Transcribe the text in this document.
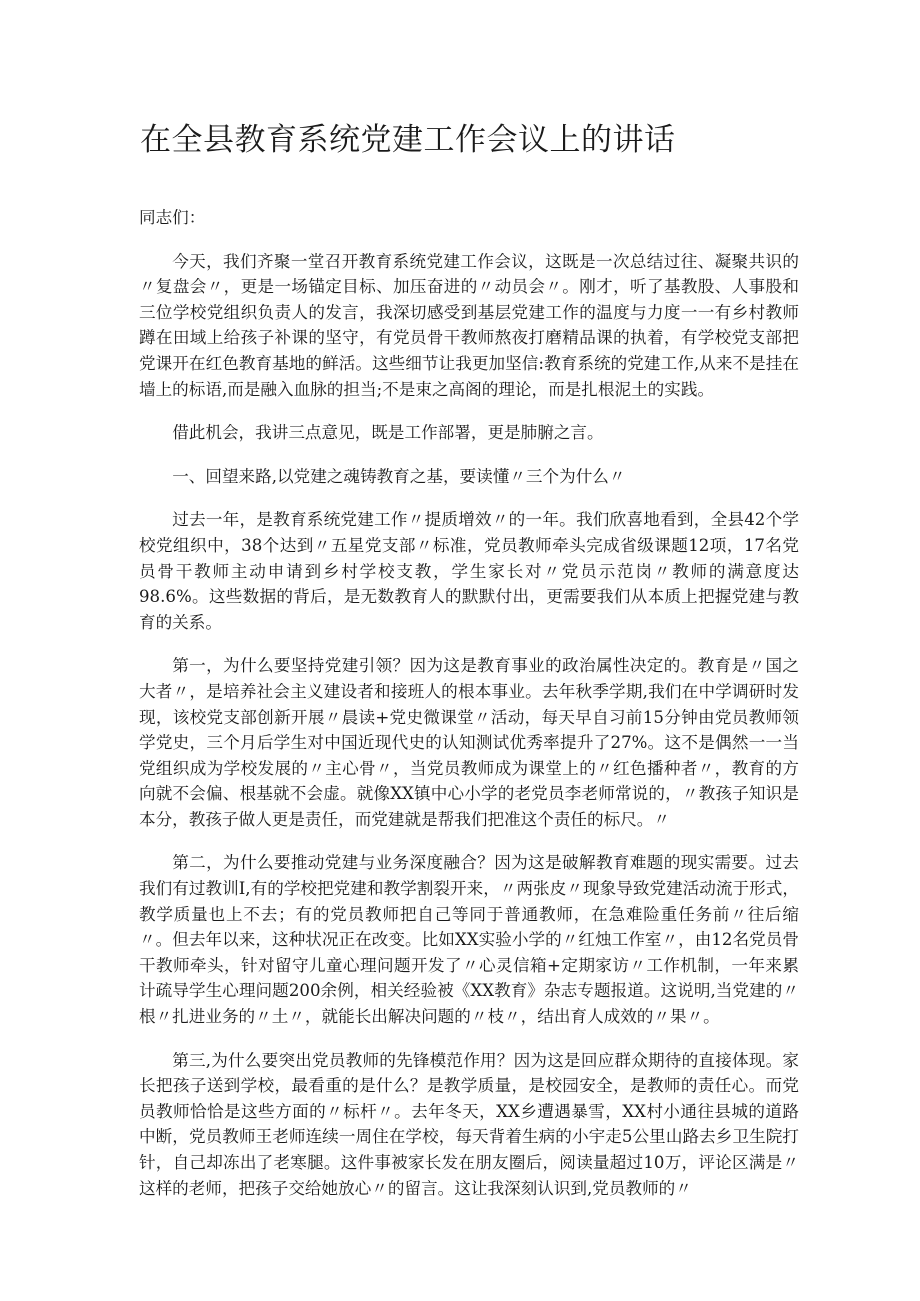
在全县教育系统党建工作会议上的讲话

同志们：

今天，我们齐聚一堂召开教育系统党建工作会议，这既是一次总结过往、凝聚共识的〃复盘会〃，更是一场锚定目标、加压奋进的〃动员会〃。刚才，听了基教股、人事股和三位学校党组织负责人的发言，我深切感受到基层党建工作的温度与力度一一有乡村教师蹲在田域上给孩子补课的坚守，有党员骨干教师熬夜打磨精品课的执着，有学校党支部把党课开在红色教育基地的鲜活。这些细节让我更加坚信:教育系统的党建工作,从来不是挂在墙上的标语,而是融入血脉的担当;不是束之高阁的理论，而是扎根泥土的实践。

借此机会，我讲三点意见，既是工作部署，更是肺腑之言。

一、回望来路,以党建之魂铸教育之基，要读懂〃三个为什么〃

过去一年，是教育系统党建工作〃提质增效〃的一年。我们欣喜地看到，全县42个学校党组织中，38个达到〃五星党支部〃标准，党员教师牵头完成省级课题12项，17名党员骨干教师主动申请到乡村学校支教，学生家长对〃党员示范岗〃教师的满意度达98.6%。这些数据的背后，是无数教育人的默默付出，更需要我们从本质上把握党建与教育的关系。

第一，为什么要坚持党建引领？因为这是教育事业的政治属性决定的。教育是〃国之大者〃，是培养社会主义建设者和接班人的根本事业。去年秋季学期,我们在中学调研时发现，该校党支部创新开展〃晨读+党史微课堂〃活动，每天早自习前15分钟由党员教师领学党史，三个月后学生对中国近现代史的认知测试优秀率提升了27%。这不是偶然一一当党组织成为学校发展的〃主心骨〃，当党员教师成为课堂上的〃红色播种者〃，教育的方向就不会偏、根基就不会虚。就像XX镇中心小学的老党员李老师常说的，〃教孩子知识是本分，教孩子做人更是责任，而党建就是帮我们把准这个责任的标尺。〃

第二，为什么要推动党建与业务深度融合？因为这是破解教育难题的现实需要。过去我们有过教训I,有的学校把党建和教学割裂开来，〃两张皮〃现象导致党建活动流于形式，教学质量也上不去；有的党员教师把自己等同于普通教师，在急难险重任务前〃往后缩〃。但去年以来，这种状况正在改变。比如XX实验小学的〃红烛工作室〃，由12名党员骨干教师牵头，针对留守儿童心理问题开发了〃心灵信箱+定期家访〃工作机制，一年来累计疏导学生心理问题200余例，相关经验被《XX教育》杂志专题报道。这说明,当党建的〃根〃扎进业务的〃土〃，就能长出解决问题的〃枝〃，结出育人成效的〃果〃。

第三,为什么要突出党员教师的先锋模范作用？因为这是回应群众期待的直接体现。家长把孩子送到学校，最看重的是什么？是教学质量，是校园安全，是教师的责任心。而党员教师恰恰是这些方面的〃标杆〃。去年冬天，XX乡遭遇暴雪，XX村小通往县城的道路中断，党员教师王老师连续一周住在学校，每天背着生病的小宇走5公里山路去乡卫生院打针，自己却冻出了老寒腿。这件事被家长发在朋友圈后，阅读量超过10万，评论区满是〃这样的老师，把孩子交给她放心〃的留言。这让我深刻认识到,党员教师的〃
